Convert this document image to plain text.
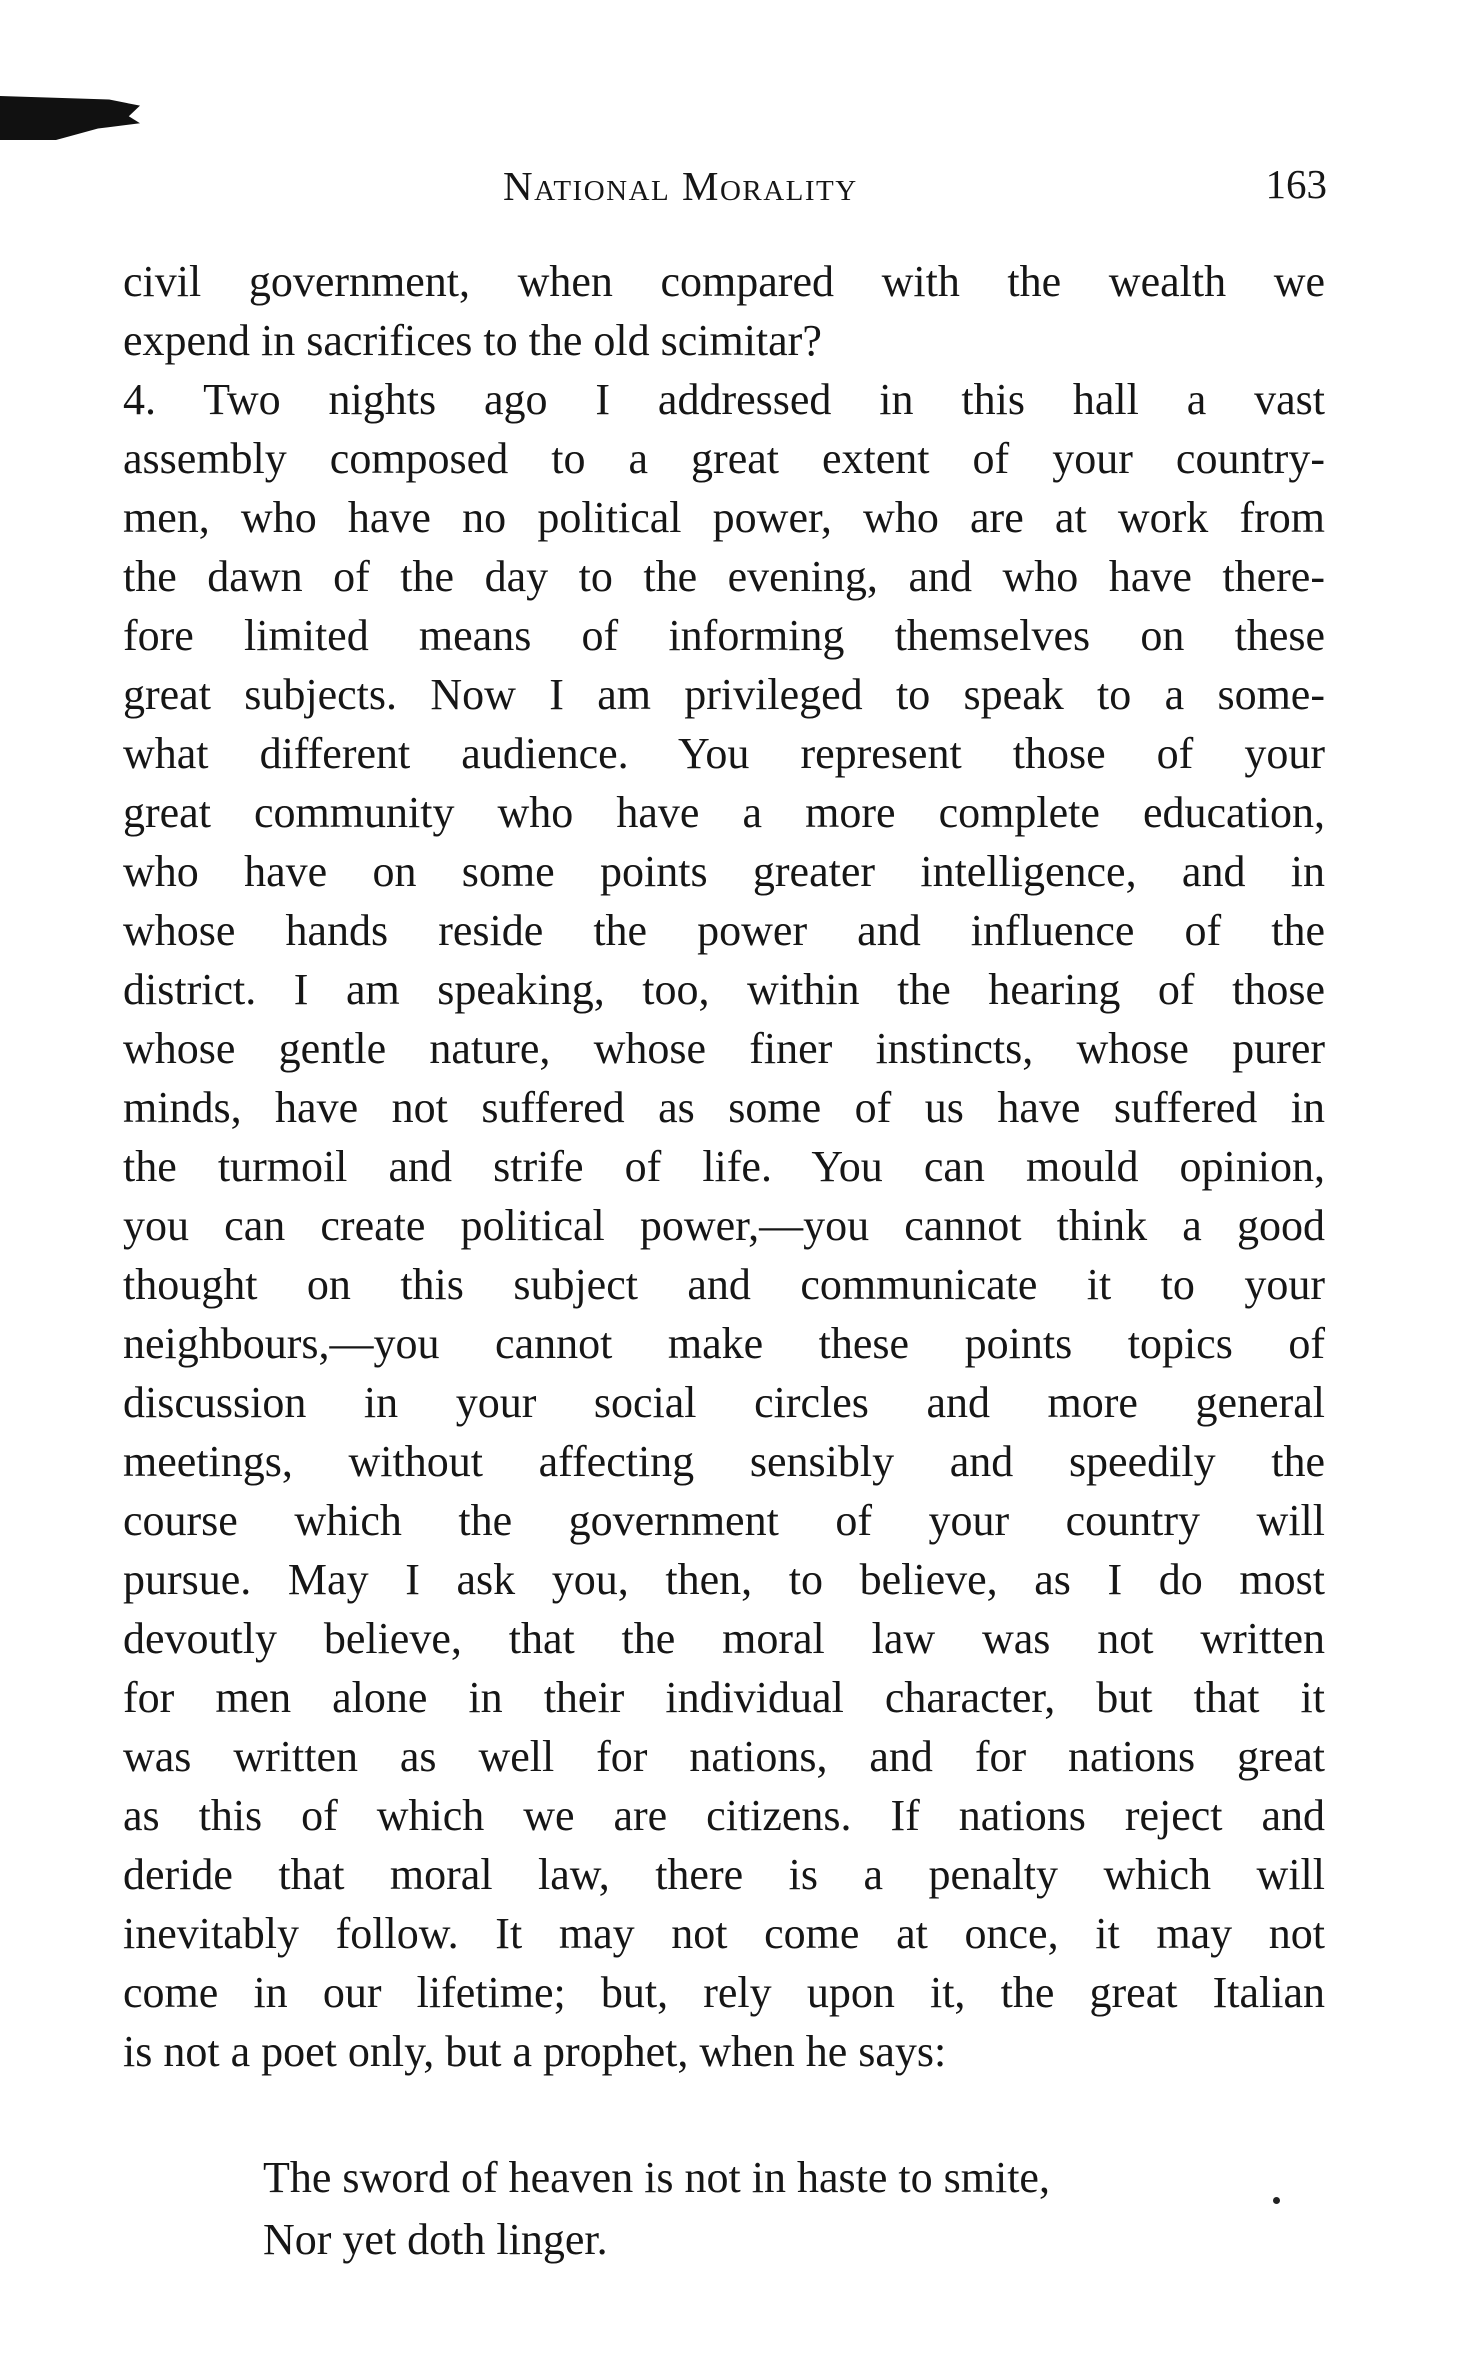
National Morality	163
civil government, when compared with the wealth we
expend in sacrifices to the old scimitar?
4. Two nights ago I addressed in this hall a vast
assembly composed to a great extent of your country-
men, who have no political power, who are at work from
the dawn of the day to the evening, and who have there-
fore limited means of informing themselves on these
great subjects. Now I am privileged to speak to a some-
what different audience. You represent those of your
great community who have a more complete education,
who have on some points greater intelligence, and in
whose hands reside the power and influence of the
district. I am speaking, too, within the hearing of those
whose gentle nature, whose finer instincts, whose purer
minds, have not suffered as some of us have suffered in
the turmoil and strife of life. You can mould opinion,
you can create political power,—you cannot think a good
thought on this subject and communicate it to your
neighbours,—you cannot make these points topics of
discussion in your social circles and more general
meetings, without affecting sensibly and speedily the
course which the government of your country will
pursue. May I ask you, then, to believe, as I do most
devoutly believe, that the moral law was not written
for men alone in their individual character, but that it
was written as well for nations, and for nations great
as this of which we are citizens. If nations reject and
deride that moral law, there is a penalty which will
inevitably follow. It may not come at once, it may not
come in our lifetime; but, rely upon it, the great Italian
is not a poet only, but a prophet, when he says:
The sword of heaven is not in haste to smite,
Nor yet doth linger.
